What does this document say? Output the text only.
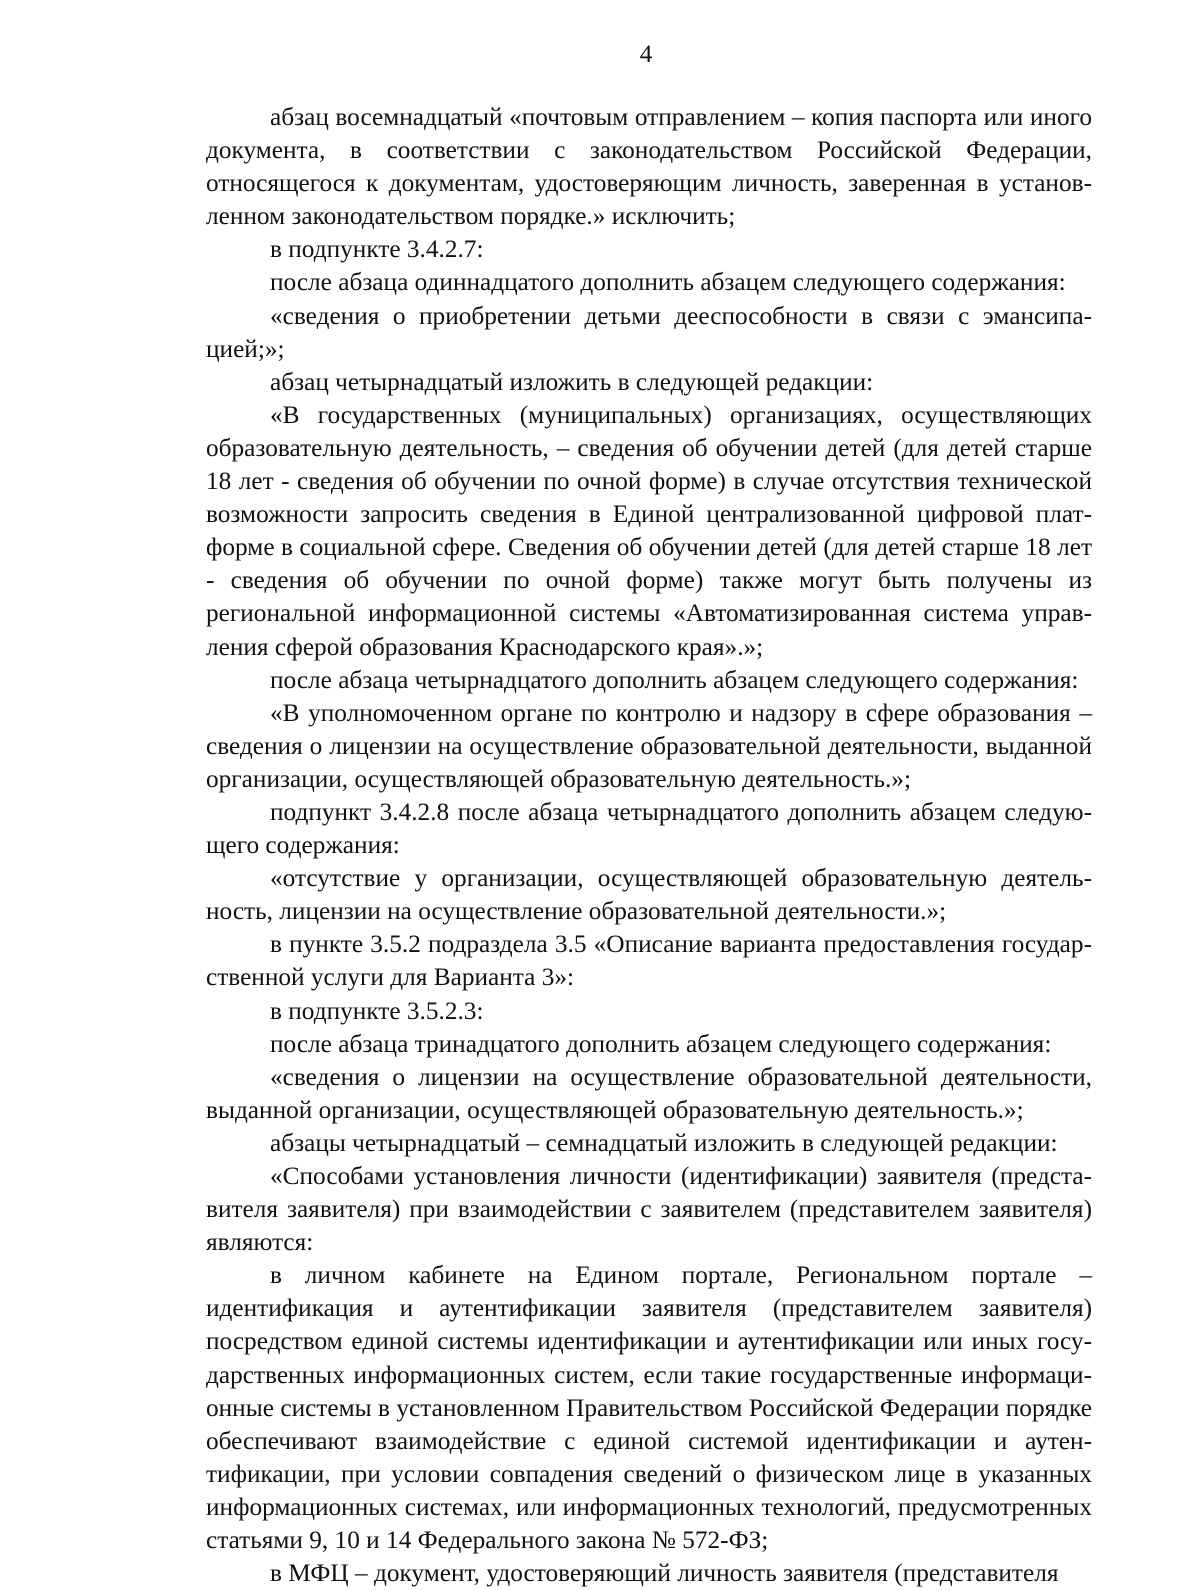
4

абзац восемнадцатый «почтовым отправлением – копия паспорта или иного документа, в соответствии с законодательством Российской Федерации, относящегося к документам, удостоверяющим личность, заверенная в установленном законодательством порядке.» исключить;

в подпункте 3.4.2.7:

после абзаца одиннадцатого дополнить абзацем следующего содержания:

«сведения о приобретении детьми дееспособности в связи с эмансипацией;»;

абзац четырнадцатый изложить в следующей редакции:

«В государственных (муниципальных) организациях, осуществляющих образовательную деятельность, – сведения об обучении детей (для детей старше 18 лет - сведения об обучении по очной форме) в случае отсутствия технической возможности запросить сведения в Единой централизованной цифровой платформе в социальной сфере. Сведения об обучении детей (для детей старше 18 лет - сведения об обучении по очной форме) также могут быть получены из региональной информационной системы «Автоматизированная система управления сферой образования Краснодарского края».»;

после абзаца четырнадцатого дополнить абзацем следующего содержания:

«В уполномоченном органе по контролю и надзору в сфере образования – сведения о лицензии на осуществление образовательной деятельности, выданной организации, осуществляющей образовательную деятельность.»;

подпункт 3.4.2.8 после абзаца четырнадцатого дополнить абзацем следующего содержания:

«отсутствие у организации, осуществляющей образовательную деятельность, лицензии на осуществление образовательной деятельности.»;

в пункте 3.5.2 подраздела 3.5 «Описание варианта предоставления государственной услуги для Варианта 3»:

в подпункте 3.5.2.3:

после абзаца тринадцатого дополнить абзацем следующего содержания:

«сведения о лицензии на осуществление образовательной деятельности, выданной организации, осуществляющей образовательную деятельность.»;

абзацы четырнадцатый – семнадцатый изложить в следующей редакции:

«Способами установления личности (идентификации) заявителя (представителя заявителя) при взаимодействии с заявителем (представителем заявителя) являются:

в личном кабинете на Едином портале, Региональном портале – идентификация и аутентификации заявителя (представителем заявителя) посредством единой системы идентификации и аутентификации или иных государственных информационных систем, если такие государственные информационные системы в установленном Правительством Российской Федерации порядке обеспечивают взаимодействие с единой системой идентификации и аутентификации, при условии совпадения сведений о физическом лице в указанных информационных системах, или информационных технологий, предусмотренных статьями 9, 10 и 14 Федерального закона № 572-ФЗ;

в МФЦ – документ, удостоверяющий личность заявителя (представителя
